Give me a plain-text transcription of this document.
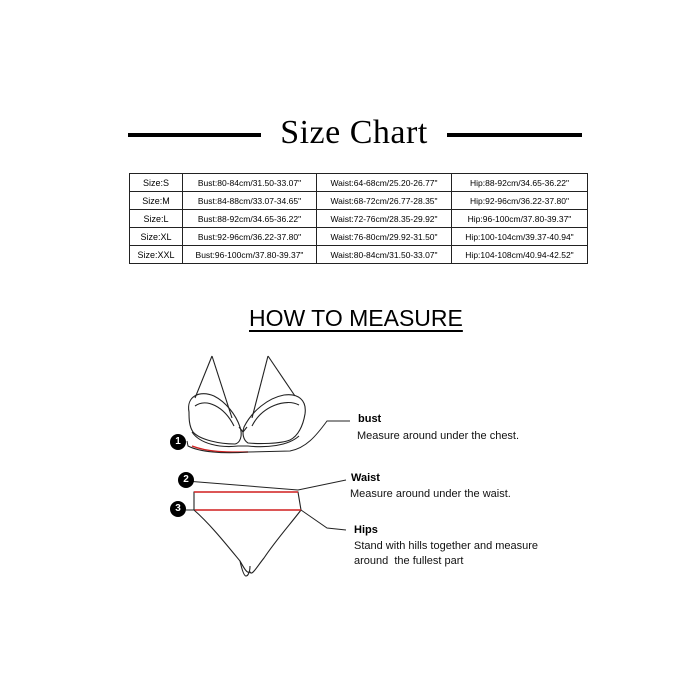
Size Chart
Size:S	Bust:80-84cm/31.50-33.07"	Waist:64-68cm/25.20-26.77"	Hip:88-92cm/34.65-36.22"
Size:M	Bust:84-88cm/33.07-34.65"	Waist:68-72cm/26.77-28.35"	Hip:92-96cm/36.22-37.80"
Size:L	Bust:88-92cm/34.65-36.22"	Waist:72-76cm/28.35-29.92"	Hip:96-100cm/37.80-39.37"
Size:XL	Bust:92-96cm/36.22-37.80"	Waist:76-80cm/29.92-31.50"	Hip:100-104cm/39.37-40.94"
Size:XXL	Bust:96-100cm/37.80-39.37"	Waist:80-84cm/31.50-33.07"	Hip:104-108cm/40.94-42.52"
HOW TO MEASURE
1
2
3
bust
Measure around under the chest.
Waist
Measure around under the waist.
Hips
Stand with hills together and measure
around  the fullest part
